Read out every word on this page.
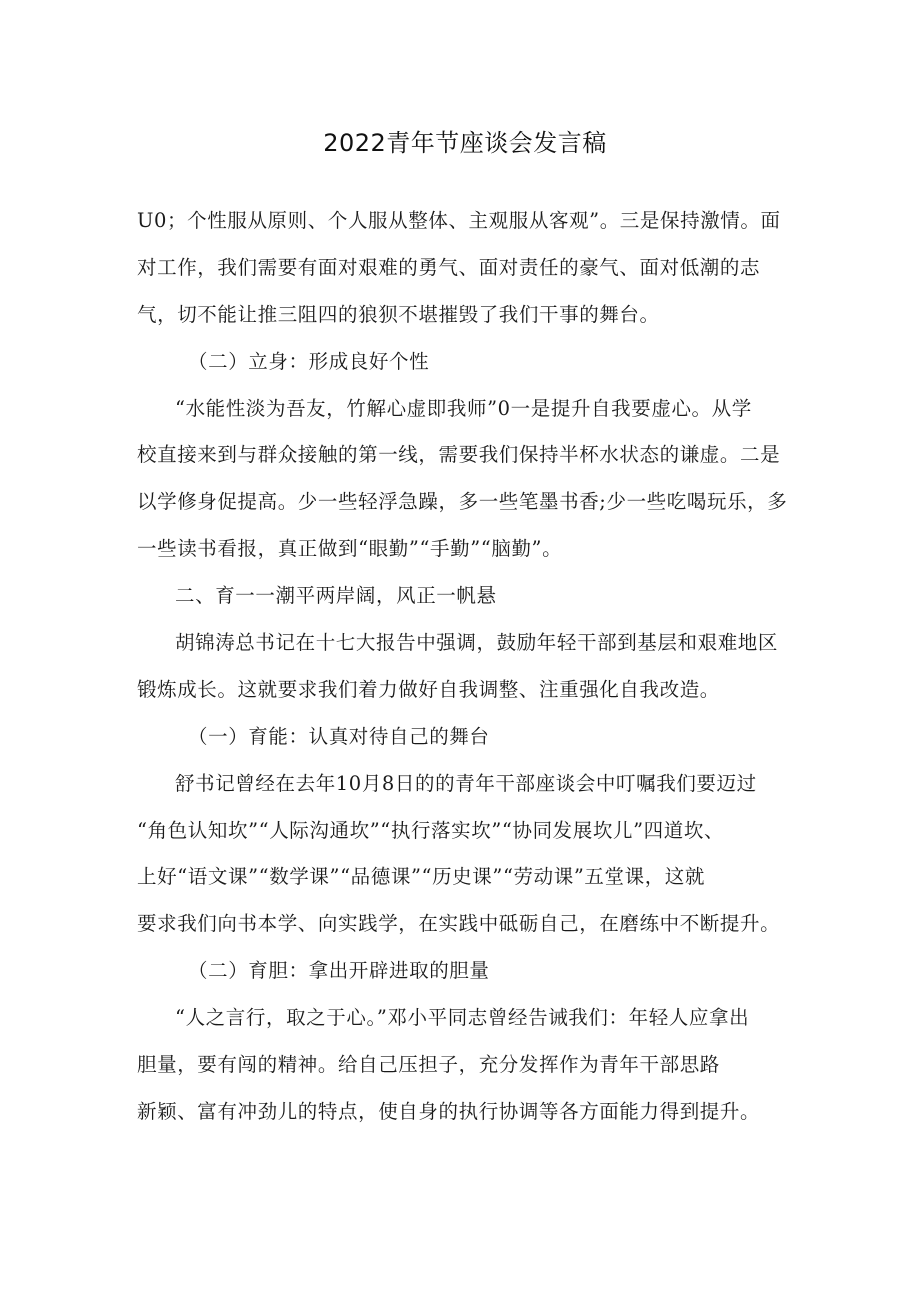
2022青年节座谈会发言稿
U0；个性服从原则、个人服从整体、主观服从客观”。三是保持激情。面
对工作，我们需要有面对艰难的勇气、面对责任的豪气、面对低潮的志
气，切不能让推三阻四的狼狈不堪摧毁了我们干事的舞台。
（二）立身：形成良好个性
“水能性淡为吾友，竹解心虚即我师”0一是提升自我要虚心。从学
校直接来到与群众接触的第一线，需要我们保持半杯水状态的谦虚。二是
以学修身促提高。少一些轻浮急躁，多一些笔墨书香;少一些吃喝玩乐，多
一些读书看报，真正做到“眼勤”“手勤”“脑勤”。
二、育一一潮平两岸阔，风正一帆悬
胡锦涛总书记在十七大报告中强调，鼓励年轻干部到基层和艰难地区
锻炼成长。这就要求我们着力做好自我调整、注重强化自我改造。
（一）育能：认真对待自己的舞台
舒书记曾经在去年10月8日的的青年干部座谈会中叮嘱我们要迈过
“角色认知坎”“人际沟通坎”“执行落实坎”“协同发展坎儿”四道坎、
上好“语文课”“数学课”“品德课”“历史课”“劳动课”五堂课，这就
要求我们向书本学、向实践学，在实践中砥砺自己，在磨练中不断提升。
（二）育胆：拿出开辟进取的胆量
“人之言行，取之于心。”邓小平同志曾经告诫我们：年轻人应拿出
胆量，要有闯的精神。给自己压担子，充分发挥作为青年干部思路
新颖、富有冲劲儿的特点，使自身的执行协调等各方面能力得到提升。
